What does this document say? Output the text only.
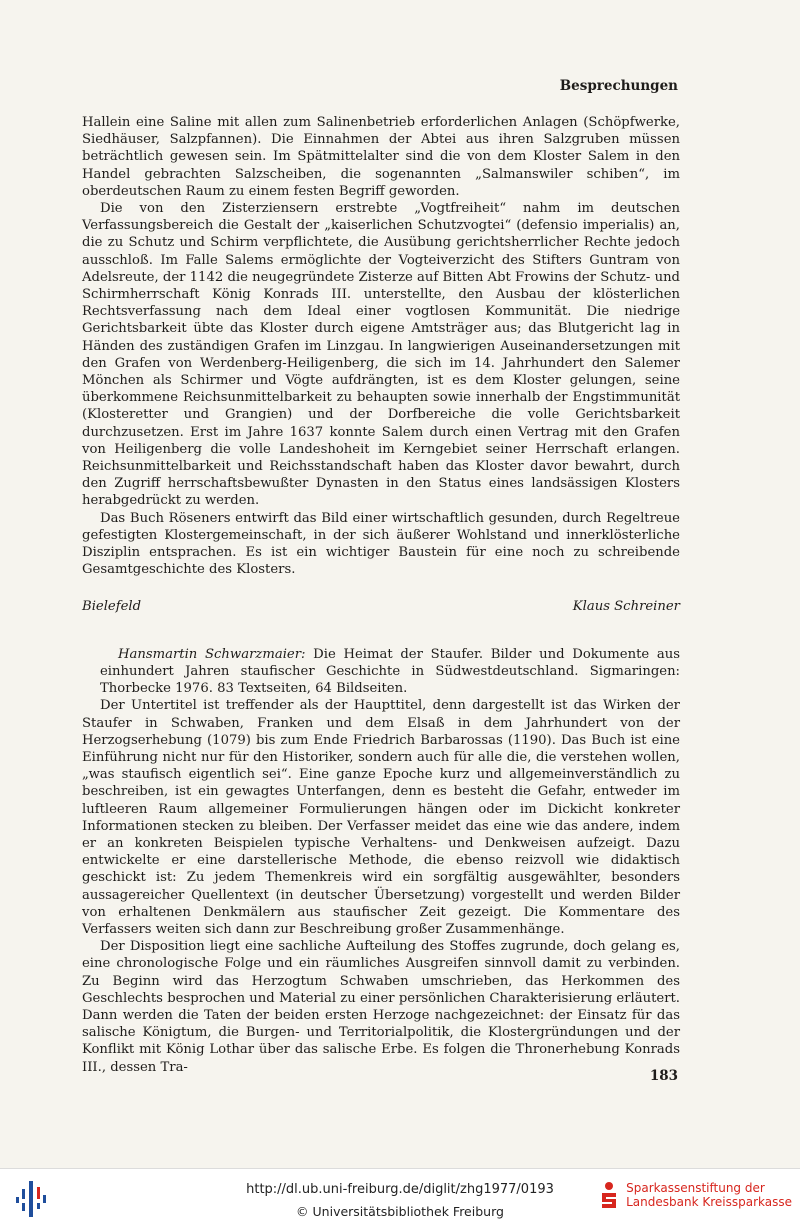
Besprechungen

Hallein eine Saline mit allen zum Salinenbetrieb erforderlichen Anlagen (Schöpfwerke, Siedhäuser, Salzpfannen). Die Einnahmen der Abtei aus ihren Salzgruben müssen beträchtlich gewesen sein. Im Spätmittelalter sind die von dem Kloster Salem in den Handel gebrachten Salzscheiben, die sogenannten „Salmanswiler schiben“, im oberdeutschen Raum zu einem festen Begriff geworden.

Die von den Zisterziensern erstrebte „Vogtfreiheit“ nahm im deutschen Verfassungsbereich die Gestalt der „kaiserlichen Schutzvogtei“ (defensio imperialis) an, die zu Schutz und Schirm verpflichtete, die Ausübung gerichtsherrlicher Rechte jedoch ausschloß. Im Falle Salems ermöglichte der Vogteiverzicht des Stifters Guntram von Adelsreute, der 1142 die neugegründete Zisterze auf Bitten Abt Frowins der Schutz- und Schirmherrschaft König Konrads III. unterstellte, den Ausbau der klösterlichen Rechtsverfassung nach dem Ideal einer vogtlosen Kommunität. Die niedrige Gerichtsbarkeit übte das Kloster durch eigene Amtsträger aus; das Blutgericht lag in Händen des zuständigen Grafen im Linzgau. In langwierigen Auseinandersetzungen mit den Grafen von Werdenberg-Heiligenberg, die sich im 14. Jahrhundert den Salemer Mönchen als Schirmer und Vögte aufdrängten, ist es dem Kloster gelungen, seine überkommene Reichsunmittelbarkeit zu behaupten sowie innerhalb der Engstimmunität (Klosteretter und Grangien) und der Dorfbereiche die volle Gerichtsbarkeit durchzusetzen. Erst im Jahre 1637 konnte Salem durch einen Vertrag mit den Grafen von Heiligenberg die volle Landeshoheit im Kerngebiet seiner Herrschaft erlangen. Reichsunmittelbarkeit und Reichsstandschaft haben das Kloster davor bewahrt, durch den Zugriff herrschaftsbewußter Dynasten in den Status eines landsässigen Klosters herabgedrückt zu werden.

Das Buch Röseners entwirft das Bild einer wirtschaftlich gesunden, durch Regeltreue gefestigten Klostergemeinschaft, in der sich äußerer Wohlstand und innerklösterliche Disziplin entsprachen. Es ist ein wichtiger Baustein für eine noch zu schreibende Gesamtgeschichte des Klosters.

Bielefeld	Klaus Schreiner

Hansmartin Schwarzmaier: Die Heimat der Staufer. Bilder und Dokumente aus einhundert Jahren staufischer Geschichte in Südwestdeutschland. Sigmaringen: Thorbecke 1976. 83 Textseiten, 64 Bildseiten.

Der Untertitel ist treffender als der Haupttitel, denn dargestellt ist das Wirken der Staufer in Schwaben, Franken und dem Elsaß in dem Jahrhundert von der Herzogserhebung (1079) bis zum Ende Friedrich Barbarossas (1190). Das Buch ist eine Einführung nicht nur für den Historiker, sondern auch für alle die, die verstehen wollen, „was staufisch eigentlich sei“. Eine ganze Epoche kurz und allgemeinverständlich zu beschreiben, ist ein gewagtes Unterfangen, denn es besteht die Gefahr, entweder im luftleeren Raum allgemeiner Formulierungen hängen oder im Dickicht konkreter Informationen stecken zu bleiben. Der Verfasser meidet das eine wie das andere, indem er an konkreten Beispielen typische Verhaltens- und Denkweisen aufzeigt. Dazu entwickelte er eine darstellerische Methode, die ebenso reizvoll wie didaktisch geschickt ist: Zu jedem Themenkreis wird ein sorgfältig ausgewählter, besonders aussagereicher Quellentext (in deutscher Übersetzung) vorgestellt und werden Bilder von erhaltenen Denkmälern aus staufischer Zeit gezeigt. Die Kommentare des Verfassers weiten sich dann zur Beschreibung großer Zusammenhänge.

Der Disposition liegt eine sachliche Aufteilung des Stoffes zugrunde, doch gelang es, eine chronologische Folge und ein räumliches Ausgreifen sinnvoll damit zu verbinden. Zu Beginn wird das Herzogtum Schwaben umschrieben, das Herkommen des Geschlechts besprochen und Material zu einer persönlichen Charakterisierung erläutert. Dann werden die Taten der beiden ersten Herzoge nachgezeichnet: der Einsatz für das salische Königtum, die Burgen- und Territorialpolitik, die Klostergründungen und der Konflikt mit König Lothar über das salische Erbe. Es folgen die Thronerhebung Konrads III., dessen Tra-

183
http://dl.ub.uni-freiburg.de/diglit/zhg1977/0193
© Universitätsbibliothek Freiburg
Sparkassenstiftung der
Landesbank Kreissparkasse
